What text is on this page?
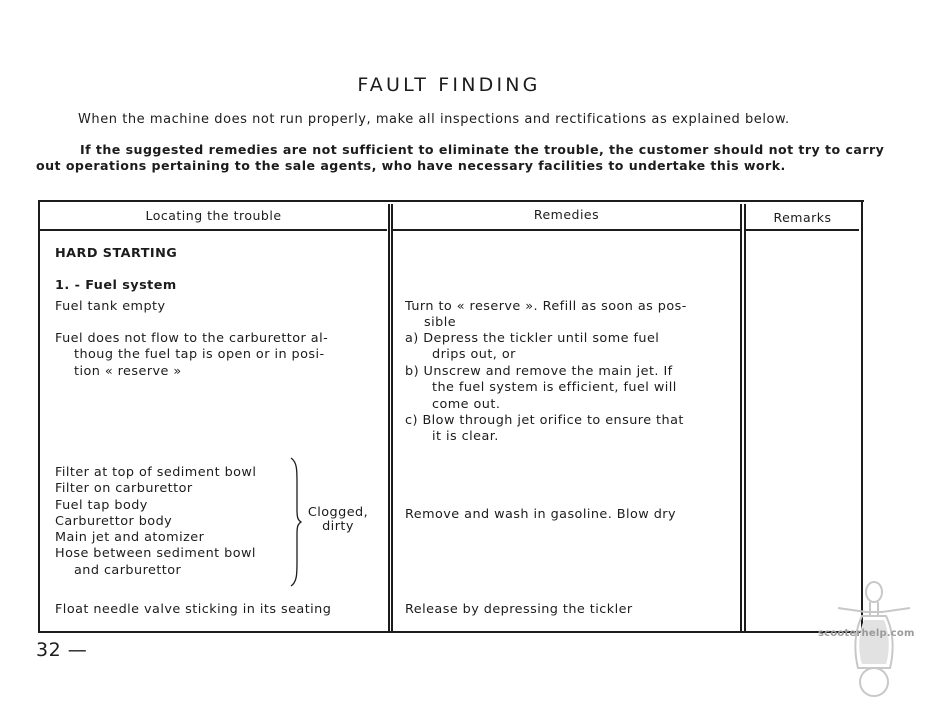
FAULT FINDING
When the machine does not run properly, make all inspections and rectifications as explained below.
If the suggested remedies are not sufficient to eliminate the trouble, the customer should not try to carry
out operations pertaining to the sale agents, who have necessary facilities to undertake this work.
Locating the trouble	Remedies	Remarks
HARD STARTING
1. - Fuel system
Fuel tank empty
Fuel does not flow to the carburettor al-
thoug the fuel tap is open or in posi-
tion « reserve »
Filter at top of sediment bowl
Filter on carburettor
Fuel tap body
Carburettor body
Main jet and atomizer
Hose between sediment bowl
and carburettor
Clogged,
dirty
Float needle valve sticking in its seating
Turn to « reserve ». Refill as soon as pos-
sible
a) Depress the tickler until some fuel
drips out, or
b) Unscrew and remove the main jet. If
the fuel system is efficient, fuel will
come out.
c) Blow through jet orifice to ensure that
it is clear.
Remove and wash in gasoline. Blow dry
Release by depressing the tickler
32 —
scooterhelp.com
